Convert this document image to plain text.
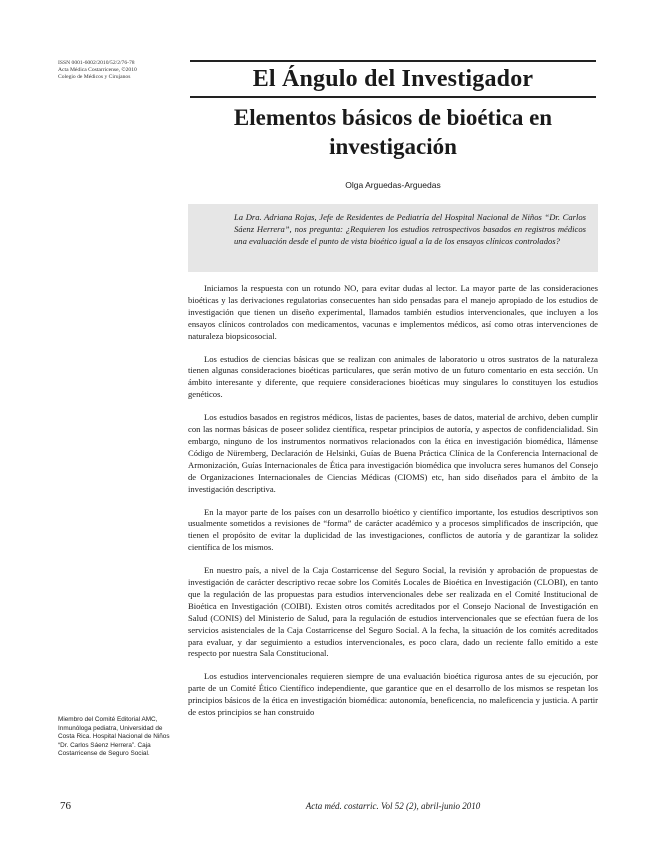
ISSN 0001-6002/2010/52/2/76-78
Acta Médica Costarricense, ©2010
Colegio de Médicos y Cirujanos	El Ángulo del Investigador
Elementos básicos de bioética en
investigación
Olga Arguedas-Arguedas
La Dra. Adriana Rojas, Jefe de Residentes de Pediatría del Hospital Nacional de Niños “Dr. Carlos Sáenz Herrera”, nos pregunta: ¿Requieren los estudios retrospectivos basados en registros médicos una evaluación desde el punto de vista bioético igual a la de los ensayos clínicos controlados?

Iniciamos la respuesta con un rotundo NO, para evitar dudas al lector. La mayor parte de las consideraciones bioéticas y las derivaciones regulatorias consecuentes han sido pensadas para el manejo apropiado de los estudios de investigación que tienen un diseño experimental, llamados también estudios intervencionales, que incluyen a los ensayos clínicos controlados con medicamentos, vacunas e implementos médicos, así como otras intervenciones de naturaleza biopsicosocial.

Los estudios de ciencias básicas que se realizan con animales de laboratorio u otros sustratos de la naturaleza tienen algunas consideraciones bioéticas particulares, que serán motivo de un futuro comentario en esta sección. Un ámbito interesante y diferente, que requiere consideraciones bioéticas muy singulares lo constituyen los estudios genéticos.

Los estudios basados en registros médicos, listas de pacientes, bases de datos, material de archivo, deben cumplir con las normas básicas de poseer solidez científica, respetar principios de autoría, y aspectos de confidencialidad. Sin embargo, ninguno de los instrumentos normativos relacionados con la ética en investigación biomédica, llámense Código de Nüremberg, Declaración de Helsinki, Guías de Buena Práctica Clínica de la Conferencia Internacional de Armonización, Guías Internacionales de Ética para investigación biomédica que involucra seres humanos del Consejo de Organizaciones Internacionales de Ciencias Médicas (CIOMS) etc, han sido diseñados para el ámbito de la investigación descriptiva.

En la mayor parte de los países con un desarrollo bioético y científico importante, los estudios descriptivos son usualmente sometidos a revisiones de “forma” de carácter académico y a procesos simplificados de inscripción, que tienen el propósito de evitar la duplicidad de las investigaciones, conflictos de autoría y de garantizar la solidez científica de los mismos.

En nuestro país, a nivel de la Caja Costarricense del Seguro Social, la revisión y aprobación de propuestas de investigación de carácter descriptivo recae sobre los Comités Locales de Bioética en Investigación (CLOBI), en tanto que la regulación de las propuestas para estudios intervencionales debe ser realizada en el Comité Institucional de Bioética en Investigación (COIBI). Existen otros comités acreditados por el Consejo Nacional de Investigación en Salud (CONIS) del Ministerio de Salud, para la regulación de estudios intervencionales que se efectúan fuera de los servicios asistenciales de la Caja Costarricense del Seguro Social. A la fecha, la situación de los comités acreditados para evaluar, y dar seguimiento a estudios intervencionales, es poco clara, dado un reciente fallo emitido a este respecto por nuestra Sala Constitucional.

Los estudios intervencionales requieren siempre de una evaluación bioética rigurosa antes de su ejecución, por parte de un Comité Ético Científico independiente, que garantice que en el desarrollo de los mismos se respetan los principios básicos de la ética en investigación biomédica: autonomía, beneficencia, no maleficencia y justicia. A partir de estos principios se han construido

Miembro del Comité Editorial AMC, Inmunóloga pediatra, Universidad de Costa Rica. Hospital Nacional de Niños “Dr. Carlos Sáenz Herrera”. Caja Costarricense de Seguro Social.
76	Acta méd. costarric. Vol 52 (2), abril-junio 2010
